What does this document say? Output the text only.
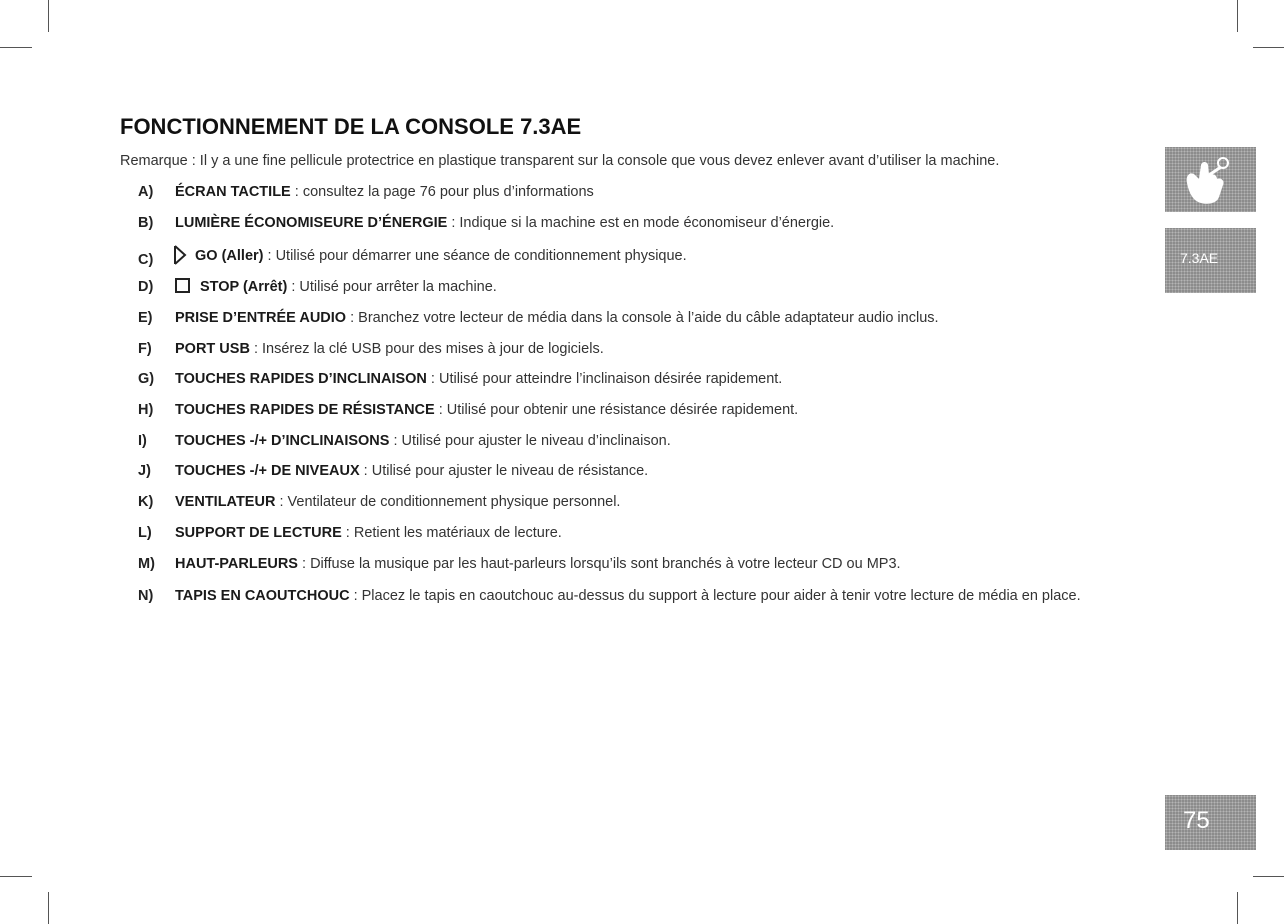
FONCTIONNEMENT DE LA CONSOLE 7.3AE
Remarque : Il y a une fine pellicule protectrice en plastique transparent sur la console que vous devez enlever avant d’utiliser la machine.
A) ÉCRAN TACTILE : consultez la page 76 pour plus d’informations
B) LUMIÈRE ÉCONOMISEURE D’ÉNERGIE : Indique si la machine est en mode économiseur d’énergie.
C)	GO (Aller) : Utilisé pour démarrer une séance de conditionnement physique.
D)	STOP (Arrêt) : Utilisé pour arrêter la machine.
E) PRISE D’ENTRÉE AUDIO : Branchez votre lecteur de média dans la console à l’aide du câble adaptateur audio inclus.
F) PORT USB : Insérez la clé USB pour des mises à jour de logiciels.
G) TOUCHES RAPIDES D’INCLINAISON : Utilisé pour atteindre l’inclinaison désirée rapidement.
H) TOUCHES RAPIDES DE RÉSISTANCE : Utilisé pour obtenir une résistance désirée rapidement.
I) TOUCHES -/+ D’INCLINAISONS : Utilisé pour ajuster le niveau d’inclinaison.
J) TOUCHES -/+ DE NIVEAUX : Utilisé pour ajuster le niveau de résistance.
K) VENTILATEUR : Ventilateur de conditionnement physique personnel.
L) SUPPORT DE LECTURE : Retient les matériaux de lecture.
M) HAUT-PARLEURS : Diffuse la musique par les haut-parleurs lorsqu’ils sont branchés à votre lecteur CD ou MP3.
N) TAPIS EN CAOUTCHOUC : Placez le tapis en caoutchouc au-dessus du support à lecture pour aider à tenir votre lecture de média en place.
7.3AE
75
